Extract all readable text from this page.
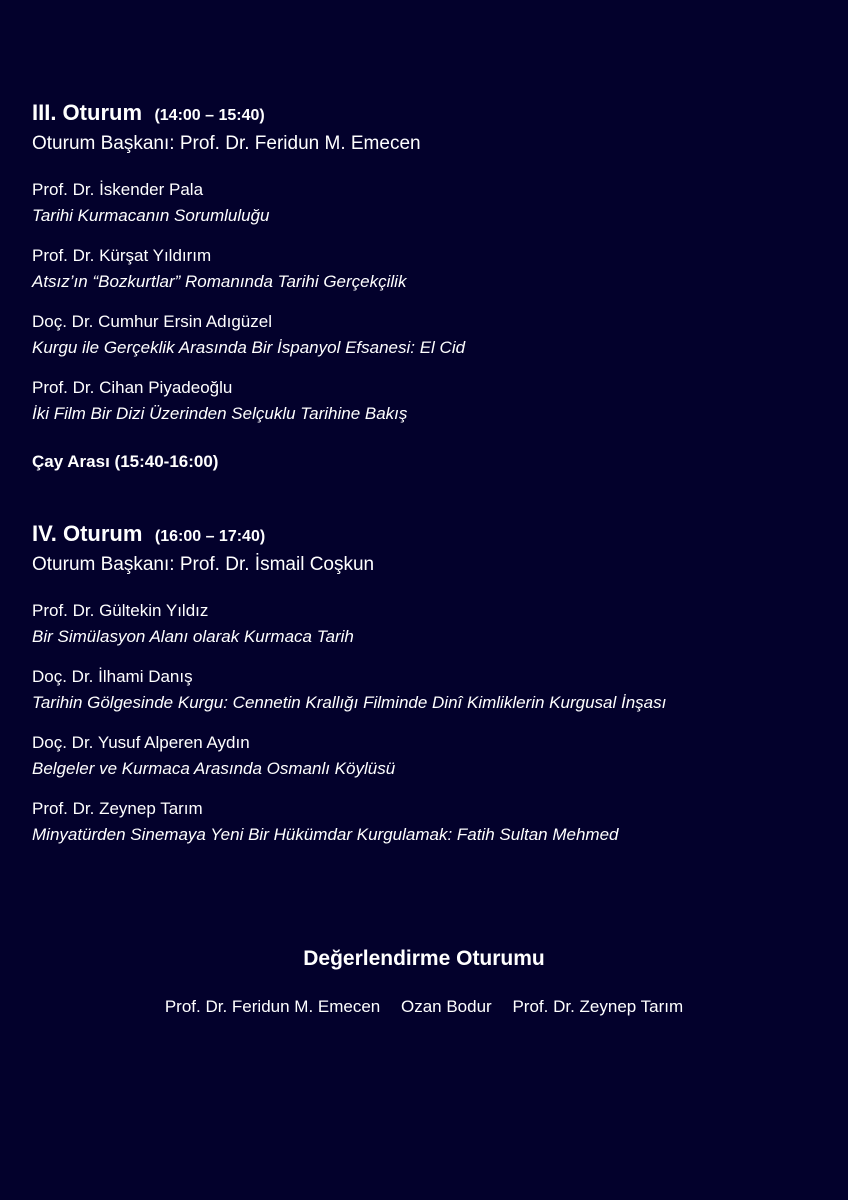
III. Oturum (14:00 – 15:40)
Oturum Başkanı: Prof. Dr. Feridun M. Emecen
Prof. Dr. İskender Pala
Tarihi Kurmacanın Sorumluluğu
Prof. Dr. Kürşat Yıldırım
Atsız’ın “Bozkurtlar” Romanında Tarihi Gerçekçilik
Doç. Dr. Cumhur Ersin Adıgüzel
Kurgu ile Gerçeklik Arasında Bir İspanyol Efsanesi: El Cid
Prof. Dr. Cihan Piyadeoğlu
İki Film Bir Dizi Üzerinden Selçuklu Tarihine Bakış
Çay Arası (15:40-16:00)
IV. Oturum (16:00 – 17:40)
Oturum Başkanı: Prof. Dr. İsmail Coşkun
Prof. Dr. Gültekin Yıldız
Bir Simülasyon Alanı olarak Kurmaca Tarih
Doç. Dr. İlhami Danış
Tarihin Gölgesinde Kurgu: Cennetin Krallığı Filminde Dinî Kimliklerin Kurgusal İnşası
Doç. Dr. Yusuf Alperen Aydın
Belgeler ve Kurmaca Arasında Osmanlı Köylüsü
Prof. Dr. Zeynep Tarım
Minyatürden Sinemaya Yeni Bir Hükümdar Kurgulamak: Fatih Sultan Mehmed
Değerlendirme Oturumu
Prof. Dr. Feridun M. Emecen Ozan Bodur Prof. Dr. Zeynep Tarım
